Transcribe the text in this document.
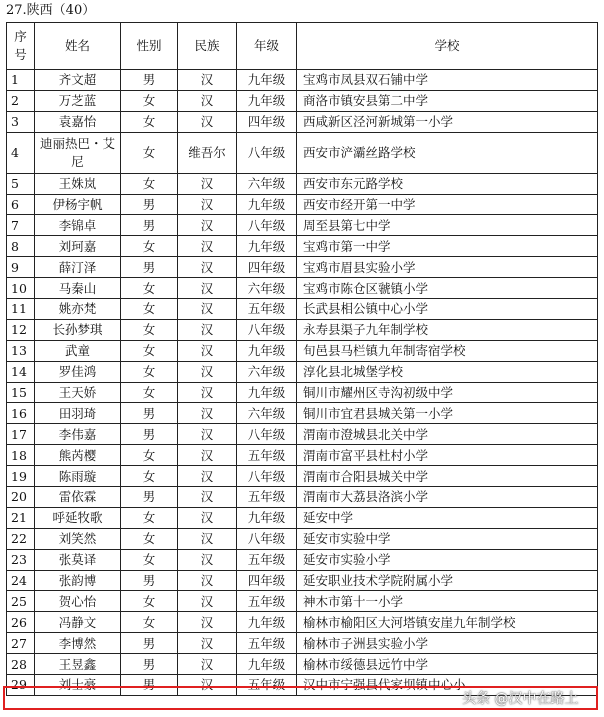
27.陕西（40）
序号	姓名	性别	民族	年级	学校
1	齐文超	男	汉	九年级	宝鸡市凤县双石铺中学
2	万芝蓝	女	汉	九年级	商洛市镇安县第二中学
3	袁嘉怡	女	汉	四年级	西咸新区泾河新城第一小学
4	迪丽热巴・艾尼	女	维吾尔	八年级	西安市浐灞丝路学校
5	王姝岚	女	汉	六年级	西安市东元路学校
6	伊杨宇帆	男	汉	九年级	西安市经开第一中学
7	李锦卓	男	汉	八年级	周至县第七中学
8	刘珂嘉	女	汉	九年级	宝鸡市第一中学
9	薛汀泽	男	汉	四年级	宝鸡市眉县实验小学
10	马秦山	女	汉	六年级	宝鸡市陈仓区虢镇小学
11	姚亦梵	女	汉	五年级	长武县相公镇中心小学
12	长孙梦琪	女	汉	八年级	永寿县渠子九年制学校
13	武童	女	汉	九年级	旬邑县马栏镇九年制寄宿学校
14	罗佳鸿	女	汉	六年级	淳化县北城堡学校
15	王天娇	女	汉	九年级	铜川市耀州区寺沟初级中学
16	田羽琦	男	汉	六年级	铜川市宜君县城关第一小学
17	李伟嘉	男	汉	八年级	渭南市澄城县北关中学
18	熊芮樱	女	汉	五年级	渭南市富平县杜村小学
19	陈雨璇	女	汉	八年级	渭南市合阳县城关中学
20	雷依霖	男	汉	五年级	渭南市大荔县洛滨小学
21	呼延牧歌	女	汉	九年级	延安中学
22	刘笑然	女	汉	八年级	延安市实验中学
23	张莫译	女	汉	五年级	延安市实验小学
24	张韵博	男	汉	四年级	延安职业技术学院附属小学
25	贺心怡	女	汉	五年级	神木市第十一小学
26	冯静文	女	汉	九年级	榆林市榆阳区大河塔镇安崖九年制学校
27	李博然	男	汉	五年级	榆林市子洲县实验小学
28	王昱鑫	男	汉	九年级	榆林市绥德县远竹中学
29	刘士豪	男	汉	五年级	汉中市宁强县代家坝镇中心小
头条 @汉中在路上
